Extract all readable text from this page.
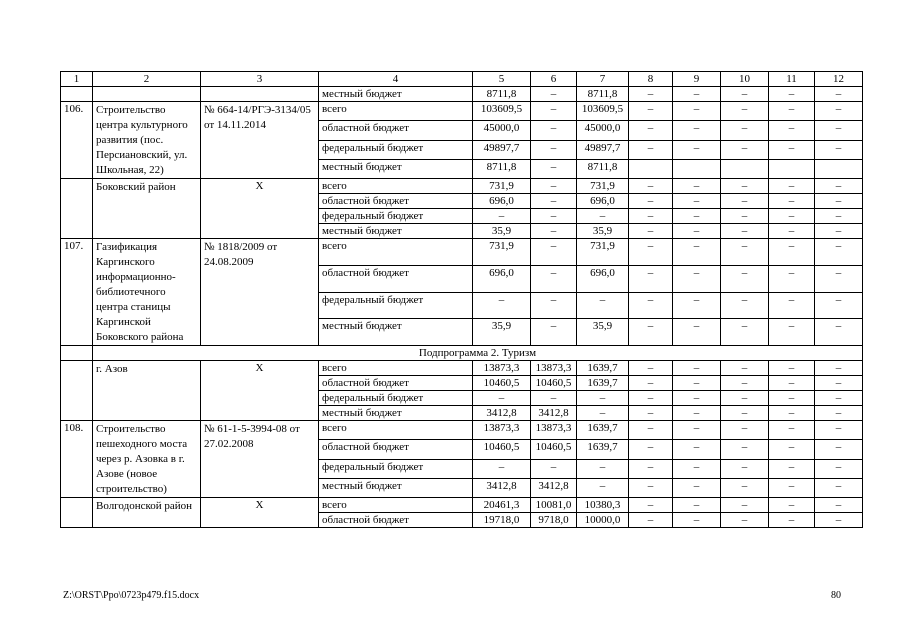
1	2	3	4	5	6	7	8	9	10	11	12
			местный бюджет	8711,8	–	8711,8	–	–	–	–	–
106.	Строительство центра культурного развития (пос. Персиановский, ул. Школьная, 22)	№ 664-14/РГЭ-3134/05 от 14.11.2014	всего	103609,5	–	103609,5	–	–	–	–	–
			областной бюджет	45000,0	–	45000,0	–	–	–	–	–
			федеральный бюджет	49897,7	–	49897,7	–	–	–	–	–
			местный бюджет	8711,8	–	8711,8					
	Боковский район	X	всего	731,9	–	731,9	–	–	–	–	–
			областной бюджет	696,0	–	696,0	–	–	–	–	–
			федеральный бюджет	–	–	–	–	–	–	–	–
			местный бюджет	35,9	–	35,9	–	–	–	–	–
107.	Газификация Каргинского информационно-библиотечного центра станицы Каргинской Боковского района	№ 1818/2009 от 24.08.2009	всего	731,9	–	731,9	–	–	–	–	–
			областной бюджет	696,0	–	696,0	–	–	–	–	–
			федеральный бюджет	–	–	–	–	–	–	–	–
			местный бюджет	35,9	–	35,9	–	–	–	–	–
	Подпрограмма 2. Туризм										
	г. Азов	X	всего	13873,3	13873,3	1639,7	–	–	–	–	–
			областной бюджет	10460,5	10460,5	1639,7	–	–	–	–	–
			федеральный бюджет	–	–	–	–	–	–	–	–
			местный бюджет	3412,8	3412,8	–	–	–	–	–	–
108.	Строительство пешеходного моста через р. Азовка в г. Азове (новое строительство)	№ 61-1-5-3994-08 от 27.02.2008	всего	13873,3	13873,3	1639,7	–	–	–	–	–
			областной бюджет	10460,5	10460,5	1639,7	–	–	–	–	–
			федеральный бюджет	–	–	–	–	–	–	–	–
			местный бюджет	3412,8	3412,8	–	–	–	–	–	–
	Волгодонской район	X	всего	20461,3	10081,0	10380,3	–	–	–	–	–
			областной бюджет	19718,0	9718,0	10000,0	–	–	–	–	–
Z:\ORST\Ppo\0723p479.f15.docx	80
